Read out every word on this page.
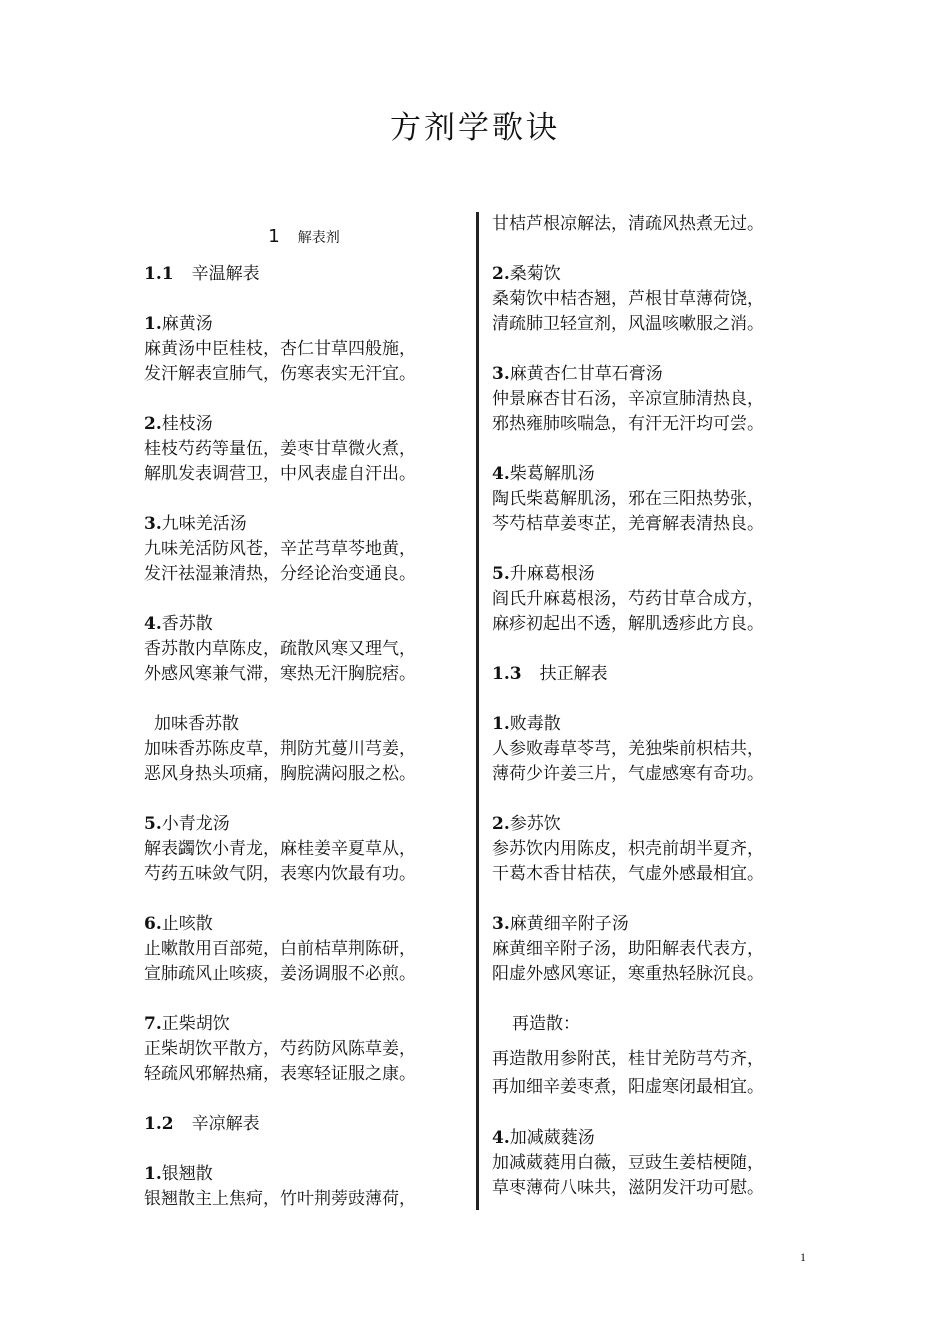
方剂学歌诀
1 解表剂
1.1 辛温解表
1.麻黄汤
麻黄汤中臣桂枝，杏仁甘草四般施，
发汗解表宣肺气，伤寒表实无汗宜。
2.桂枝汤
桂枝芍药等量伍，姜枣甘草微火煮，
解肌发表调营卫，中风表虚自汗出。
3.九味羌活汤
九味羌活防风苍，辛芷芎草芩地黄，
发汗祛湿兼清热，分经论治变通良。
4.香苏散
香苏散内草陈皮，疏散风寒又理气，
外感风寒兼气滞，寒热无汗胸脘痞。
加味香苏散
加味香苏陈皮草，荆防艽蔓川芎姜，
恶风身热头项痛，胸脘满闷服之松。
5.小青龙汤
解表蠲饮小青龙，麻桂姜辛夏草从，
芍药五味敛气阴，表寒内饮最有功。
6.止咳散
止嗽散用百部菀，白前桔草荆陈研，
宣肺疏风止咳痰，姜汤调服不必煎。
7.正柴胡饮
正柴胡饮平散方，芍药防风陈草姜，
轻疏风邪解热痛，表寒轻证服之康。
1.2 辛凉解表
1.银翘散
银翘散主上焦疴，竹叶荆蒡豉薄荷，
甘桔芦根凉解法，清疏风热煮无过。
2.桑菊饮
桑菊饮中桔杏翘，芦根甘草薄荷饶，
清疏肺卫轻宣剂，风温咳嗽服之消。
3.麻黄杏仁甘草石膏汤
仲景麻杏甘石汤，辛凉宣肺清热良，
邪热雍肺咳喘急，有汗无汗均可尝。
4.柴葛解肌汤
陶氏柴葛解肌汤，邪在三阳热势张，
芩芍桔草姜枣芷，羌膏解表清热良。
5.升麻葛根汤
阎氏升麻葛根汤，芍药甘草合成方，
麻疹初起出不透，解肌透疹此方良。
1.3 扶正解表
1.败毒散
人参败毒草苓芎，羌独柴前枳桔共，
薄荷少许姜三片，气虚感寒有奇功。
2.参苏饮
参苏饮内用陈皮，枳壳前胡半夏齐，
干葛木香甘桔茯，气虚外感最相宜。
3.麻黄细辛附子汤
麻黄细辛附子汤，助阳解表代表方，
阳虚外感风寒证，寒重热轻脉沉良。
再造散：
再造散用参附芪，桂甘羌防芎芍齐，
再加细辛姜枣煮，阳虚寒闭最相宜。
4.加减葳蕤汤
加减葳蕤用白薇，豆豉生姜桔梗随，
草枣薄荷八味共，滋阴发汗功可慰。
1
